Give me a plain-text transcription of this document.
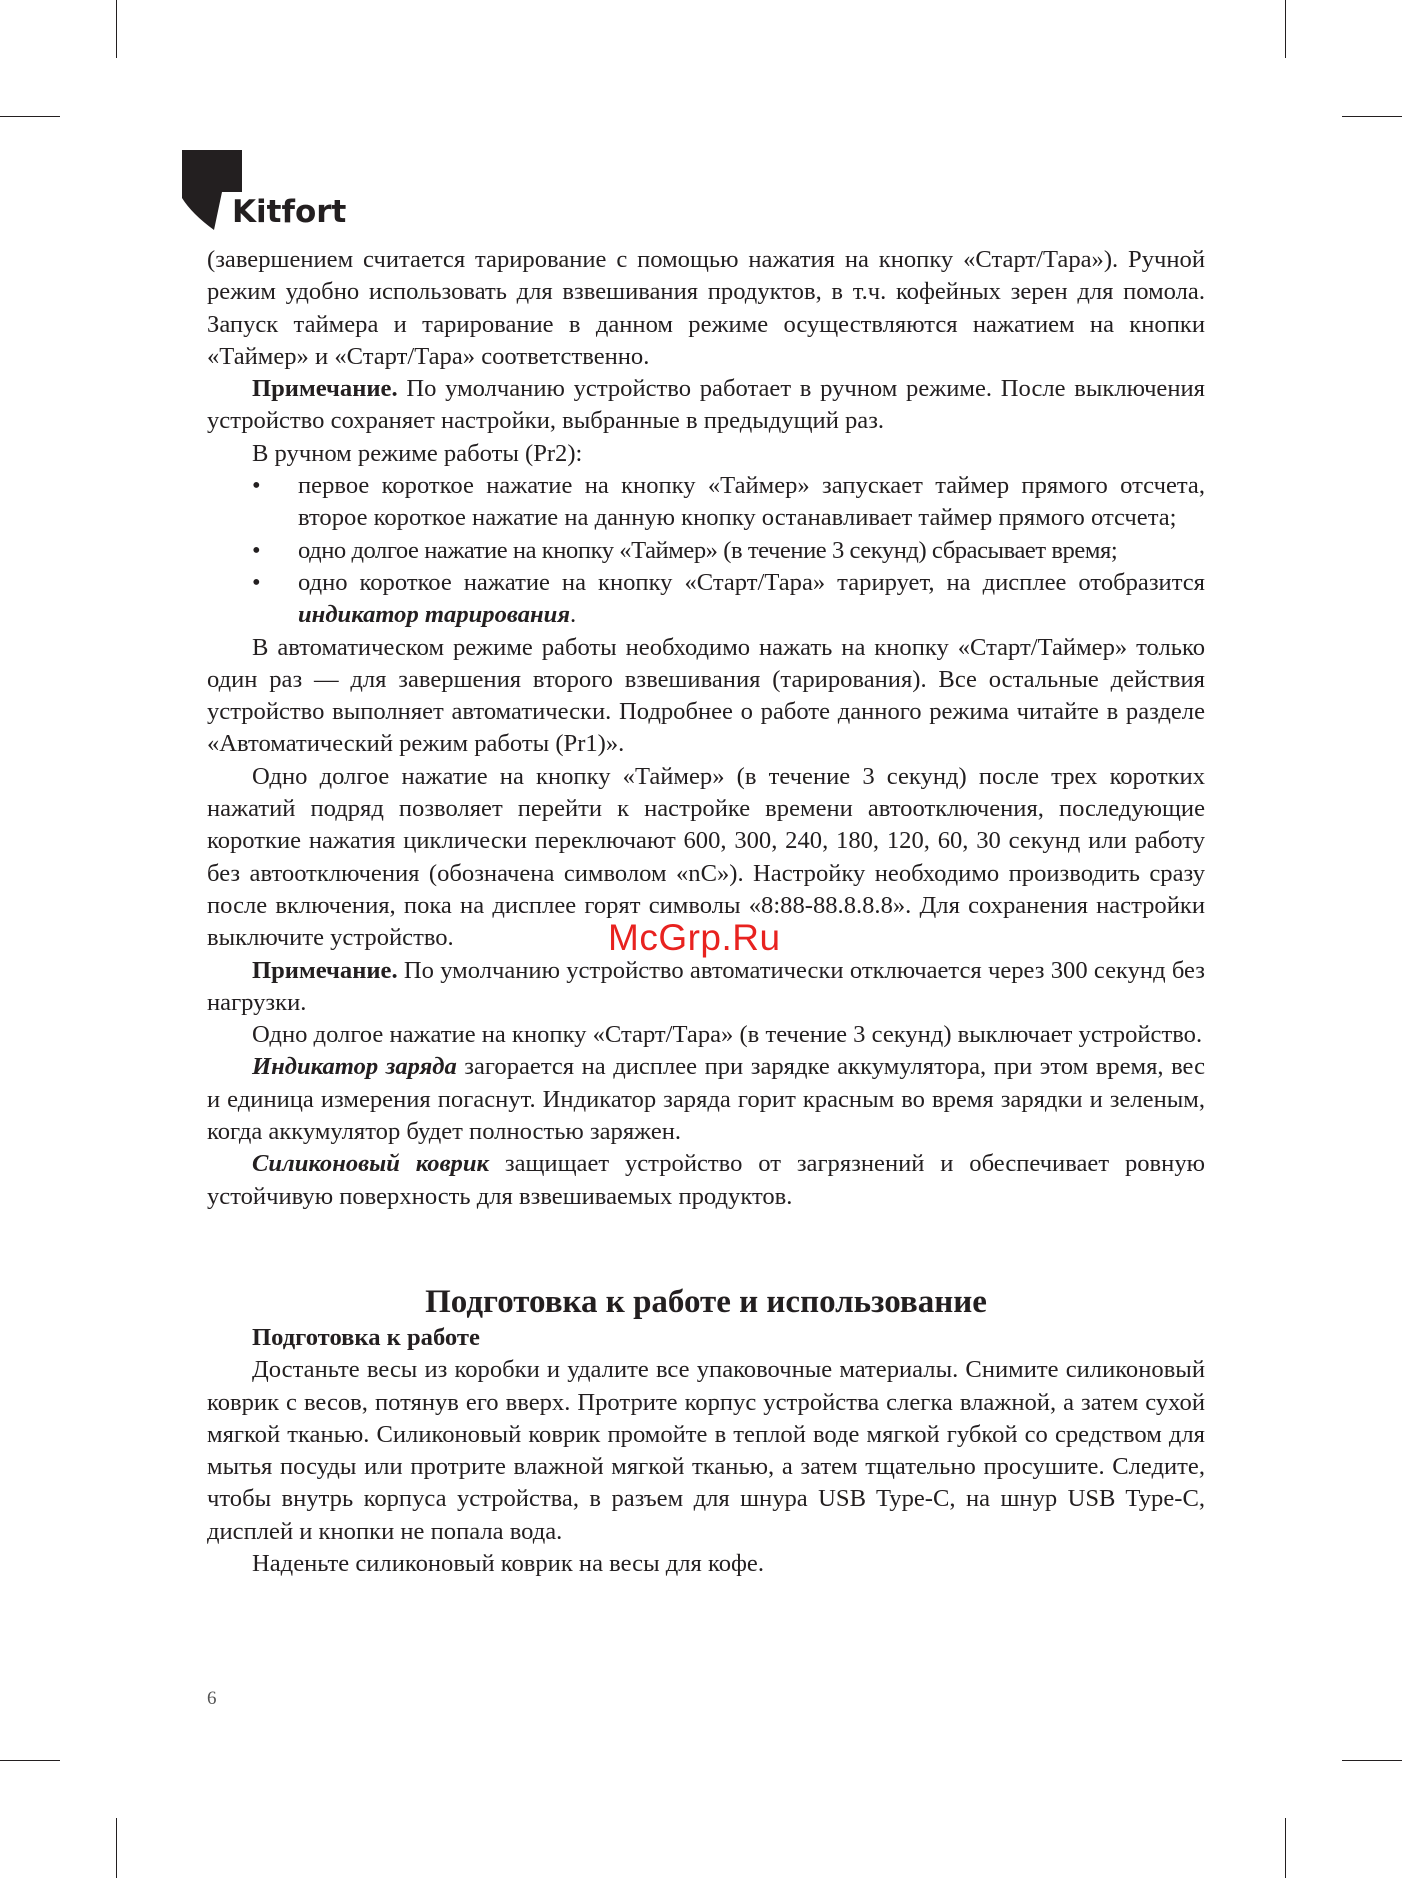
Kitfort

(завершением считается тарирование с помощью нажатия на кнопку «Старт/Тара»). Ручной режим удобно использовать для взвешивания продуктов, в т.ч. кофейных зерен для помола. Запуск таймера и тарирование в данном режиме осуществляются нажатием на кнопки «Таймер» и «Старт/Тара» соответственно.

Примечание. По умолчанию устройство работает в ручном режиме. После выключения устройство сохраняет настройки, выбранные в предыдущий раз.

В ручном режиме работы (Pr2):

• первое короткое нажатие на кнопку «Таймер» запускает таймер прямого отсчета, второе короткое нажатие на данную кнопку останавливает таймер прямого отсчета;
• одно долгое нажатие на кнопку «Таймер» (в течение 3 секунд) сбрасывает время;
• одно короткое нажатие на кнопку «Старт/Тара» тарирует, на дисплее отобразится индикатор тарирования.

В автоматическом режиме работы необходимо нажать на кнопку «Старт/Таймер» только один раз — для завершения второго взвешивания (тарирования). Все остальные действия устройство выполняет автоматически. Подробнее о работе данного режима читайте в разделе «Автоматический режим работы (Pr1)».

Одно долгое нажатие на кнопку «Таймер» (в течение 3 секунд) после трех коротких нажатий подряд позволяет перейти к настройке времени автоотключения, последующие короткие нажатия циклически переключают 600, 300, 240, 180, 120, 60, 30 секунд или работу без автоотключения (обозначена символом «nC»). Настройку необходимо производить сразу после включения, пока на дисплее горят символы «8:88-88.8.8.8». Для сохранения настройки выключите устройство.

Примечание. По умолчанию устройство автоматически отключается через 300 секунд без нагрузки.

Одно долгое нажатие на кнопку «Старт/Тара» (в течение 3 секунд) выключает устройство.

Индикатор заряда загорается на дисплее при зарядке аккумулятора, при этом время, вес и единица измерения погаснут. Индикатор заряда горит красным во время зарядки и зеленым, когда аккумулятор будет полностью заряжен.

Силиконовый коврик защищает устройство от загрязнений и обеспечивает ровную устойчивую поверхность для взвешиваемых продуктов.

Подготовка к работе и использование

Подготовка к работе

Достаньте весы из коробки и удалите все упаковочные материалы. Снимите силиконовый коврик с весов, потянув его вверх. Протрите корпус устройства слегка влажной, а затем сухой мягкой тканью. Силиконовый коврик промойте в теплой воде мягкой губкой со средством для мытья посуды или протрите влажной мягкой тканью, а затем тщательно просушите. Следите, чтобы внутрь корпуса устройства, в разъем для шнура USB Type-C, на шнур USB Type-C, дисплей и кнопки не попала вода.

Наденьте силиконовый коврик на весы для кофе.

McGrp.Ru
6
